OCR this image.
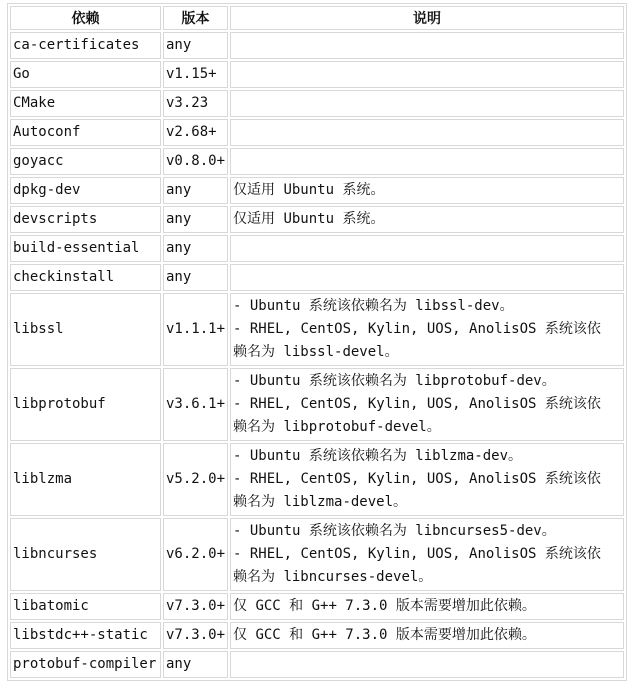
依赖	版本	说明
ca-certificates	any	
Go	v1.15+	
CMake	v3.23	
Autoconf	v2.68+	
goyacc	v0.8.0+	
dpkg-dev	any	仅适用 Ubuntu 系统。

devscripts	any	仅适用 Ubuntu 系统。

build-essential	any	
checkinstall	any	
libssl	v1.1.1+	- Ubuntu 系统该依赖名为 libssl-dev。
- RHEL, CentOS, Kylin, UOS, AnolisOS 系统该依
赖名为 libssl-devel。

libprotobuf	v3.6.1+	- Ubuntu 系统该依赖名为 libprotobuf-dev。
- RHEL, CentOS, Kylin, UOS, AnolisOS 系统该依
赖名为 libprotobuf-devel。

liblzma	v5.2.0+	- Ubuntu 系统该依赖名为 liblzma-dev。
- RHEL, CentOS, Kylin, UOS, AnolisOS 系统该依
赖名为 liblzma-devel。

libncurses	v6.2.0+	- Ubuntu 系统该依赖名为 libncurses5-dev。
- RHEL, CentOS, Kylin, UOS, AnolisOS 系统该依
赖名为 libncurses-devel。

libatomic	v7.3.0+	仅 GCC 和 G++ 7.3.0 版本需要增加此依赖。

libstdc++-static	v7.3.0+	仅 GCC 和 G++ 7.3.0 版本需要增加此依赖。

protobuf-compiler	any	
